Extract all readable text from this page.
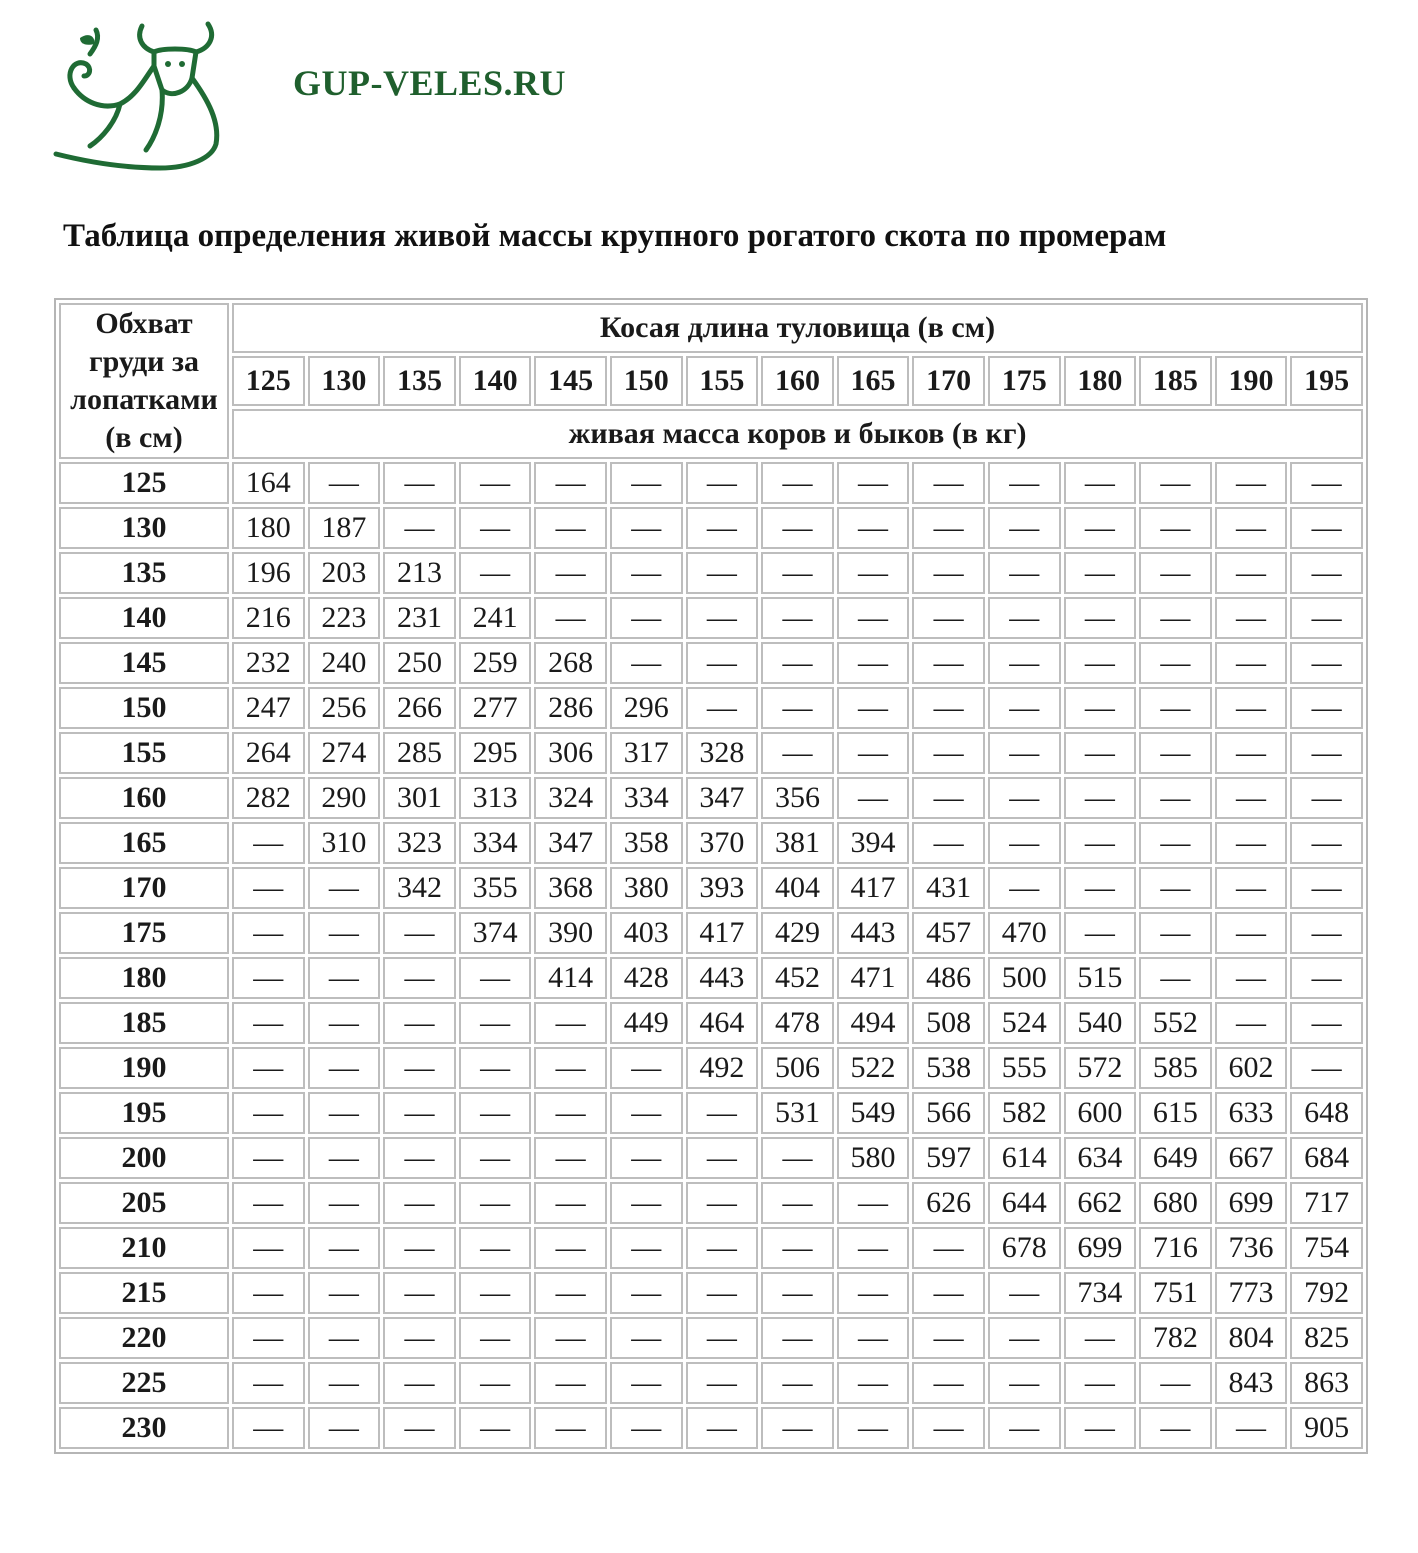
GUP-VELES.RU
Таблица определения живой массы крупного рогатого скота по промерам
Обхват груди за лопатками (в см)	Косая длина туловища (в см)														
	125	130	135	140	145	150	155	160	165	170	175	180	185	190	195
	живая масса коров и быков (в кг)														
125	164	—	—	—	—	—	—	—	—	—	—	—	—	—	—
130	180	187	—	—	—	—	—	—	—	—	—	—	—	—	—
135	196	203	213	—	—	—	—	—	—	—	—	—	—	—	—
140	216	223	231	241	—	—	—	—	—	—	—	—	—	—	—
145	232	240	250	259	268	—	—	—	—	—	—	—	—	—	—
150	247	256	266	277	286	296	—	—	—	—	—	—	—	—	—
155	264	274	285	295	306	317	328	—	—	—	—	—	—	—	—
160	282	290	301	313	324	334	347	356	—	—	—	—	—	—	—
165	—	310	323	334	347	358	370	381	394	—	—	—	—	—	—
170	—	—	342	355	368	380	393	404	417	431	—	—	—	—	—
175	—	—	—	374	390	403	417	429	443	457	470	—	—	—	—
180	—	—	—	—	414	428	443	452	471	486	500	515	—	—	—
185	—	—	—	—	—	449	464	478	494	508	524	540	552	—	—
190	—	—	—	—	—	—	492	506	522	538	555	572	585	602	—
195	—	—	—	—	—	—	—	531	549	566	582	600	615	633	648
200	—	—	—	—	—	—	—	—	580	597	614	634	649	667	684
205	—	—	—	—	—	—	—	—	—	626	644	662	680	699	717
210	—	—	—	—	—	—	—	—	—	—	678	699	716	736	754
215	—	—	—	—	—	—	—	—	—	—	—	734	751	773	792
220	—	—	—	—	—	—	—	—	—	—	—	—	782	804	825
225	—	—	—	—	—	—	—	—	—	—	—	—	—	843	863
230	—	—	—	—	—	—	—	—	—	—	—	—	—	—	905
